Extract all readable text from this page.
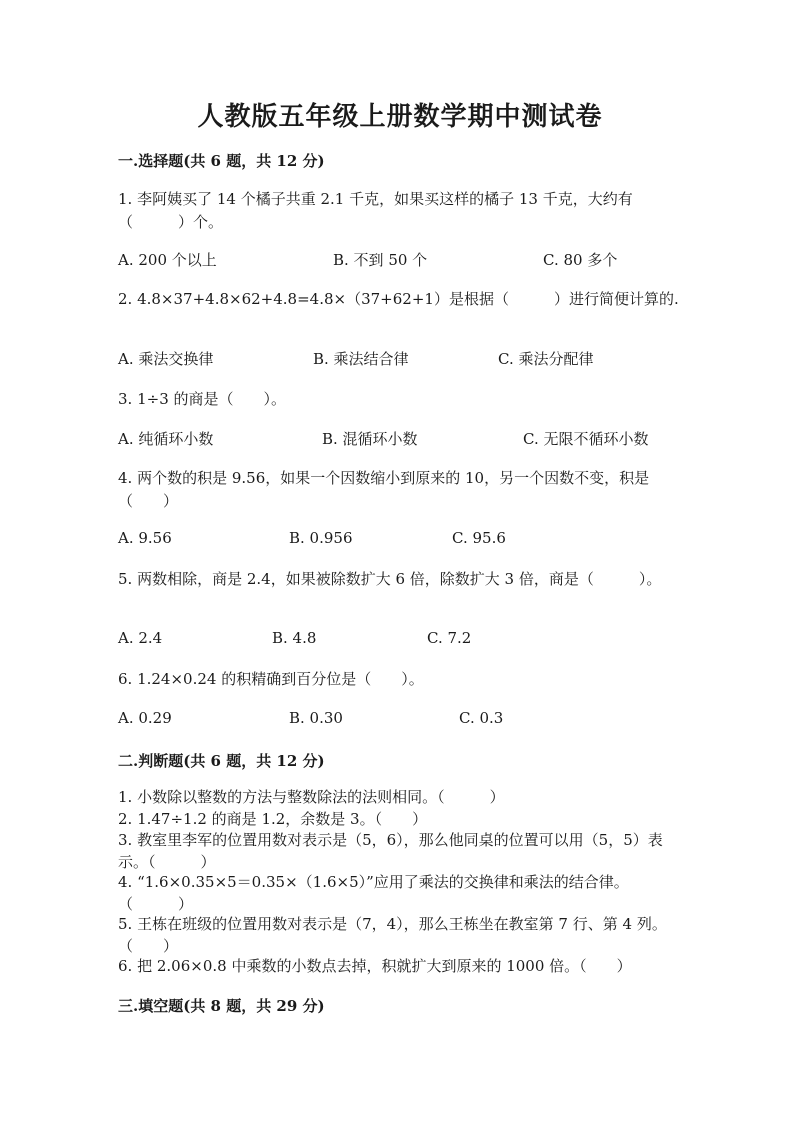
人教版五年级上册数学期中测试卷
一.选择题(共 6 题，共 12 分)
1. 李阿姨买了 14 个橘子共重 2.1 千克，如果买这样的橘子 13 千克，大约有（　　　）个。
A. 200 个以上	B. 不到 50 个	C. 80 多个
2. 4.8×37+4.8×62+4.8=4.8×（37+62+1）是根据（　　　）进行简便计算的.
A. 乘法交换律	B. 乘法结合律	C. 乘法分配律
3. 1÷3 的商是（　　）。
A. 纯循环小数	B. 混循环小数	C. 无限不循环小数
4. 两个数的积是 9.56，如果一个因数缩小到原来的 10，另一个因数不变，积是（　　）
A. 9.56	B. 0.956	C. 95.6
5. 两数相除，商是 2.4，如果被除数扩大 6 倍，除数扩大 3 倍，商是（　　　）。
A. 2.4	B. 4.8	C. 7.2
6. 1.24×0.24 的积精确到百分位是（　　）。
A. 0.29	B. 0.30	C. 0.3
二.判断题(共 6 题，共 12 分)
1. 小数除以整数的方法与整数除法的法则相同。（　　　）
2. 1.47÷1.2 的商是 1.2，余数是 3。（　　）
3. 教室里李军的位置用数对表示是（5，6），那么他同桌的位置可以用（5，5）表示。（　　　）
4. “1.6×0.35×5＝0.35×（1.6×5）”应用了乘法的交换律和乘法的结合律。（　　　）
5. 王栋在班级的位置用数对表示是（7，4），那么王栋坐在教室第 7 行、第 4 列。（　　）
6. 把 2.06×0.8 中乘数的小数点去掉，积就扩大到原来的 1000 倍。（　　）
三.填空题(共 8 题，共 29 分)
